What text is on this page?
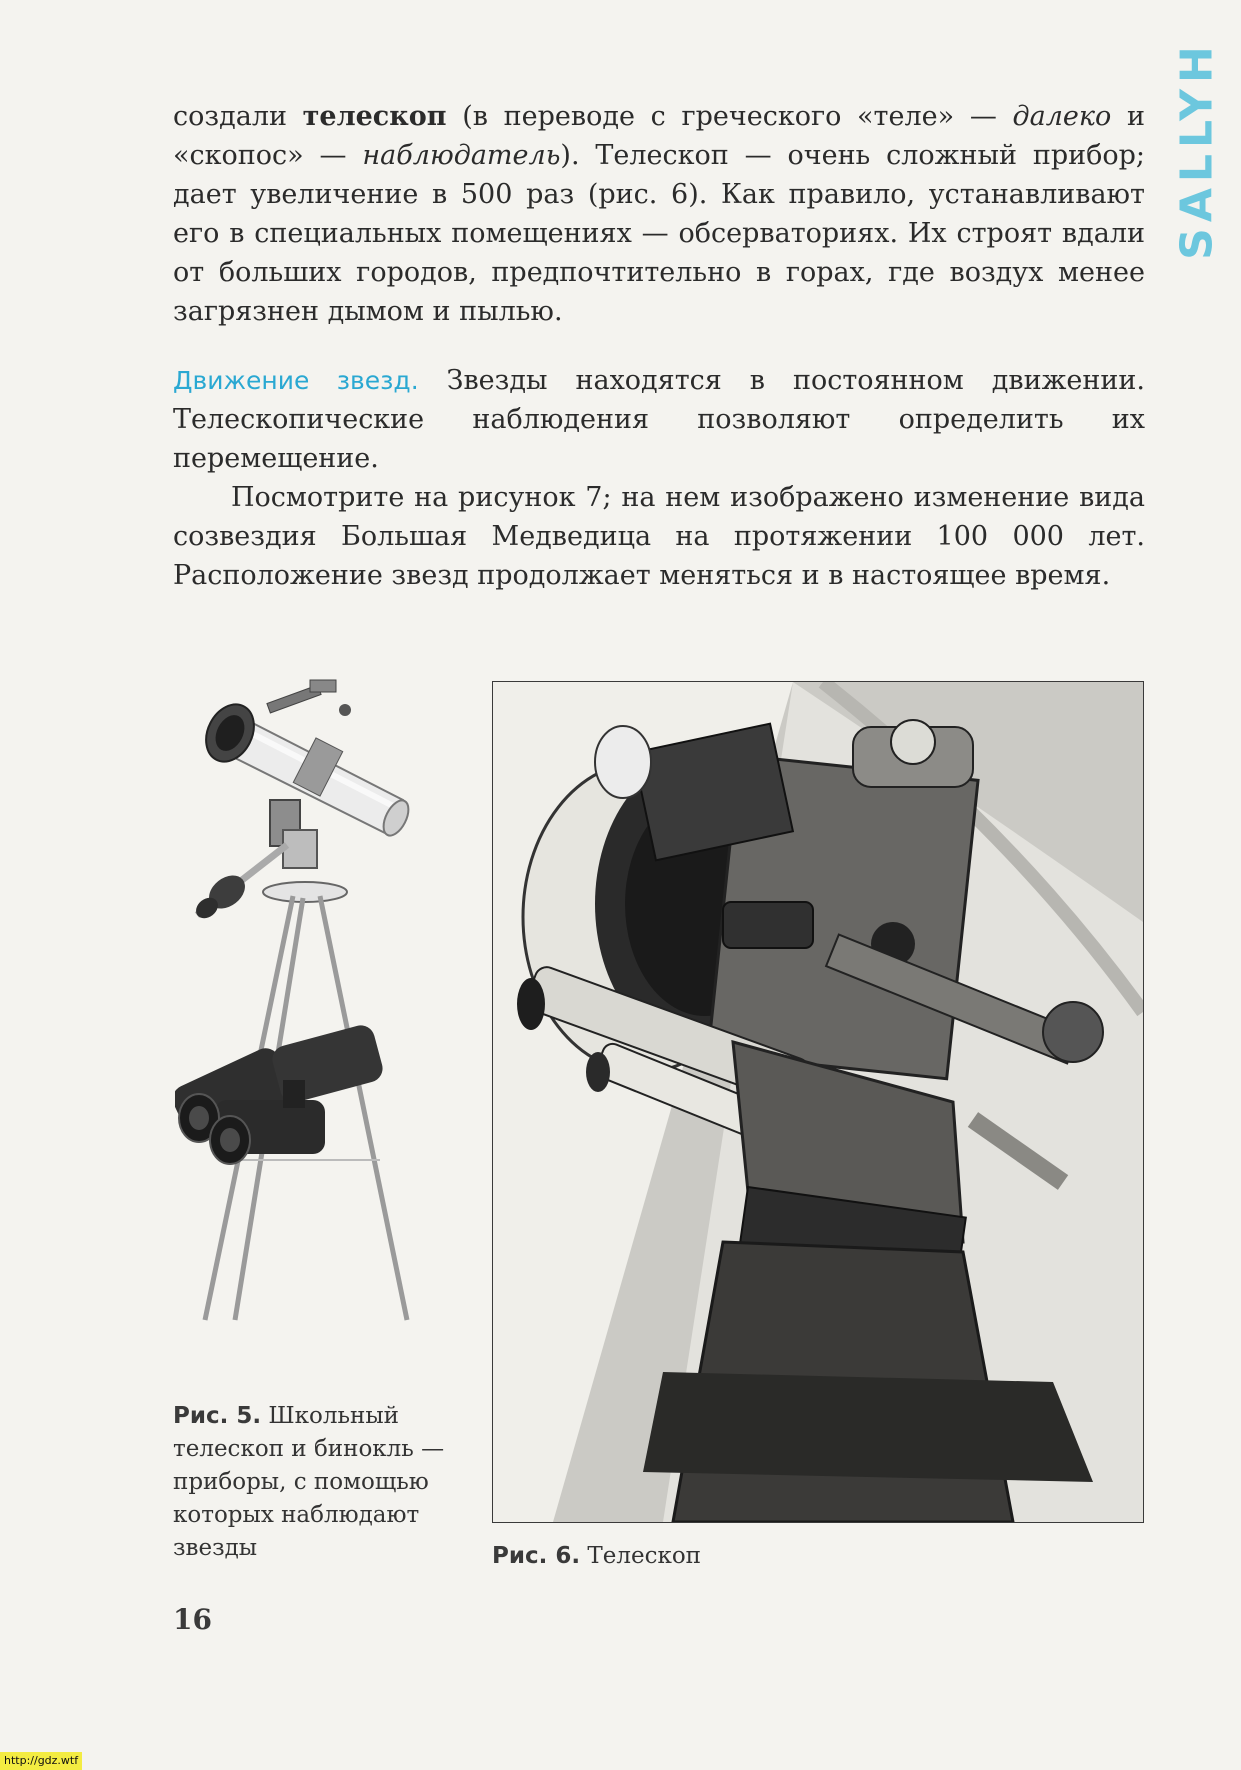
SALLYH

создали телескоп (в переводе с греческого «теле» — далеко и «скопос» — наблюдатель). Телескоп — очень сложный прибор; дает увеличение в 500 раз (рис. 6). Как правило, устанавливают его в специальных помещениях — обсерваториях. Их строят вдали от больших городов, предпочтительно в горах, где воздух менее загрязнен дымом и пылью.

Движение звезд. Звезды находятся в постоянном движении. Телескопические наблюдения позволяют определить их перемещение.

Посмотрите на рисунок 7; на нем изображено изменение вида созвездия Большая Медведица на протяжении 100 000 лет. Расположение звезд продолжает меняться и в настоящее время.

Рис. 5. Школьный телескоп и бинокль — приборы, с помощью которых наблюдают звезды	Рис. 6. Телескоп
16
http://gdz.wtf
